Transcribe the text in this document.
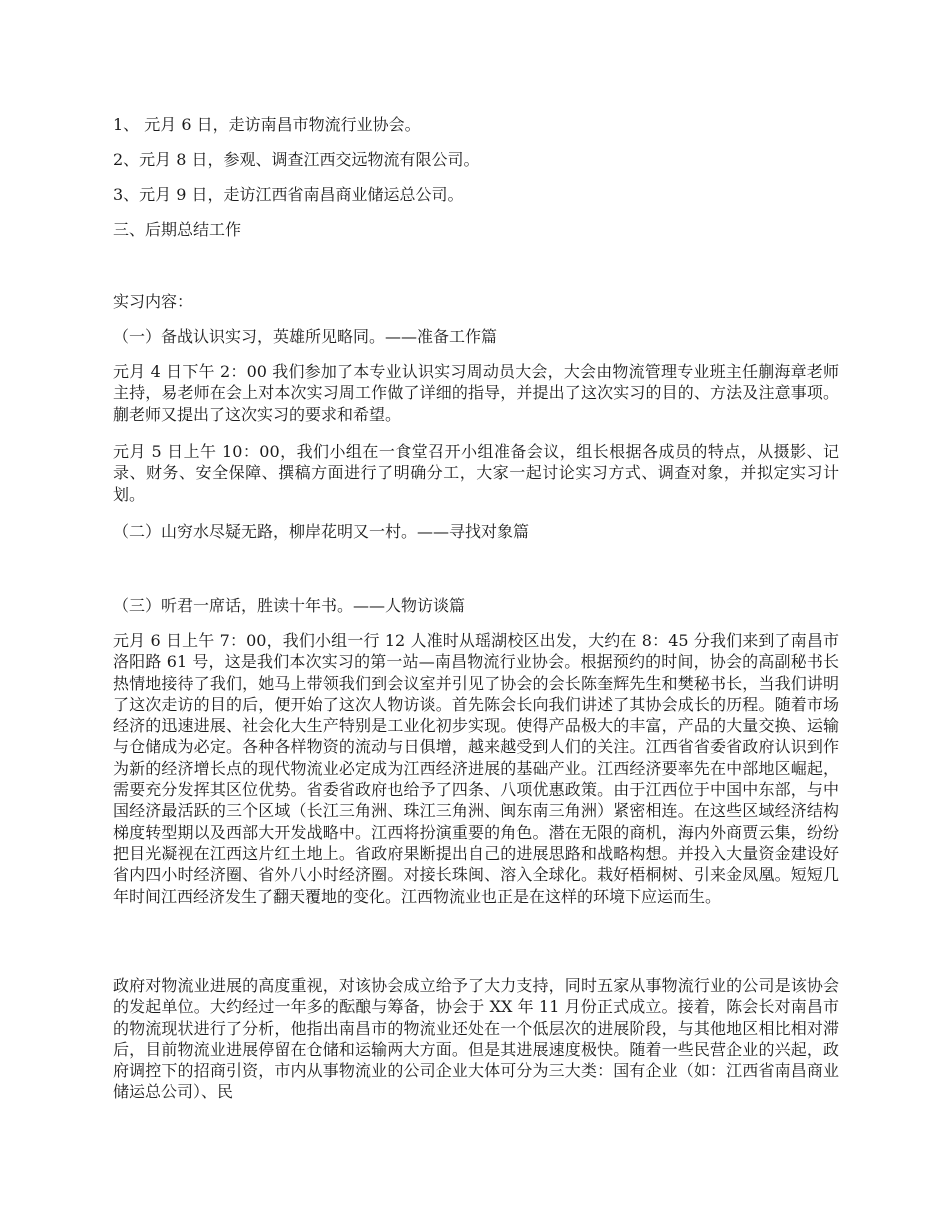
1、 元月 6 日，走访南昌市物流行业协会。
2、元月 8 日，参观、调查江西交远物流有限公司。
3、元月 9 日，走访江西省南昌商业储运总公司。
三、后期总结工作
实习内容：
（一）备战认识实习，英雄所见略同。——准备工作篇
元月 4 日下午 2：00 我们参加了本专业认识实习周动员大会，大会由物流管理专业班主任蒯海章老师主持，易老师在会上对本次实习周工作做了详细的指导，并提出了这次实习的目的、方法及注意事项。蒯老师又提出了这次实习的要求和希望。
元月 5 日上午 10：00，我们小组在一食堂召开小组准备会议，组长根据各成员的特点，从摄影、记录、财务、安全保障、撰稿方面进行了明确分工，大家一起讨论实习方式、调查对象，并拟定实习计划。
（二）山穷水尽疑无路，柳岸花明又一村。——寻找对象篇
（三）听君一席话，胜读十年书。——人物访谈篇
元月 6 日上午 7：00，我们小组一行 12 人准时从瑶湖校区出发，大约在 8：45 分我们来到了南昌市洛阳路 61 号，这是我们本次实习的第一站—南昌物流行业协会。根据预约的时间，协会的高副秘书长热情地接待了我们，她马上带领我们到会议室并引见了协会的会长陈奎辉先生和樊秘书长，当我们讲明了这次走访的目的后，便开始了这次人物访谈。首先陈会长向我们讲述了其协会成长的历程。随着市场经济的迅速进展、社会化大生产特别是工业化初步实现。使得产品极大的丰富，产品的大量交换、运输与仓储成为必定。各种各样物资的流动与日俱增，越来越受到人们的关注。江西省省委省政府认识到作为新的经济增长点的现代物流业必定成为江西经济进展的基础产业。江西经济要率先在中部地区崛起，需要充分发挥其区位优势。省委省政府也给予了四条、八项优惠政策。由于江西位于中国中东部，与中国经济最活跃的三个区域（长江三角洲、珠江三角洲、闽东南三角洲）紧密相连。在这些区域经济结构梯度转型期以及西部大开发战略中。江西将扮演重要的角色。潜在无限的商机，海内外商贾云集，纷纷把目光凝视在江西这片红土地上。省政府果断提出自己的进展思路和战略构想。并投入大量资金建设好省内四小时经济圈、省外八小时经济圈。对接长珠闽、溶入全球化。栽好梧桐树、引来金凤凰。短短几年时间江西经济发生了翻天覆地的变化。江西物流业也正是在这样的环境下应运而生。
政府对物流业进展的高度重视，对该协会成立给予了大力支持，同时五家从事物流行业的公司是该协会的发起单位。大约经过一年多的酝酿与筹备，协会于 XX 年 11 月份正式成立。接着，陈会长对南昌市的物流现状进行了分析，他指出南昌市的物流业还处在一个低层次的进展阶段，与其他地区相比相对滞后，目前物流业进展停留在仓储和运输两大方面。但是其进展速度极快。随着一些民营企业的兴起，政府调控下的招商引资，市内从事物流业的公司企业大体可分为三大类：国有企业（如：江西省南昌商业储运总公司）、民
